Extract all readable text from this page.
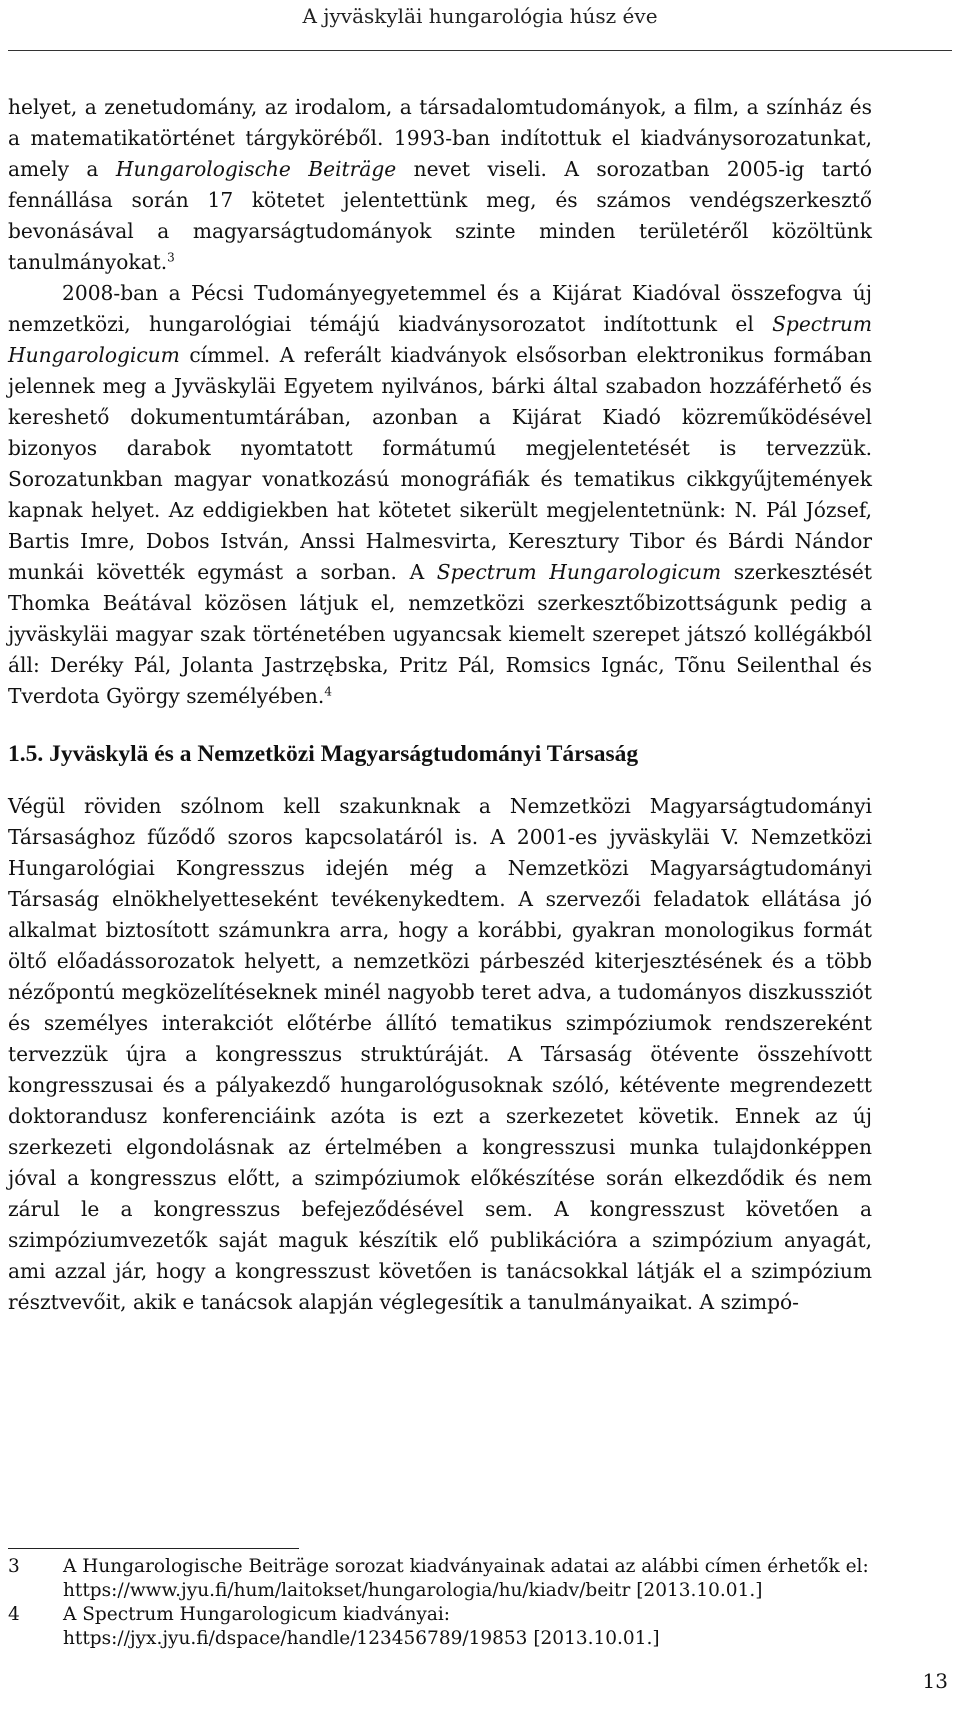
A jyväskyläi hungarológia húsz éve

helyet, a zenetudomány, az irodalom, a társadalomtudományok, a film, a színház és a matematikatörténet tárgyköréből. 1993-ban indítottuk el kiadványsorozatunkat, amely a Hungarologische Beiträge nevet viseli. A sorozatban 2005-ig tartó fennállása során 17 kötetet jelentettünk meg, és számos vendégszerkesztő bevonásával a magyarságtudományok szinte minden területéről közöltünk tanulmányokat.$^3$

2008-ban a Pécsi Tudományegyetemmel és a Kijárat Kiadóval összefogva új nemzetközi, hungarológiai témájú kiadványsorozatot indítottunk el Spectrum Hungarologicum címmel. A referált kiadványok elsősorban elektronikus formában jelennek meg a Jyväskyläi Egyetem nyilvános, bárki által szabadon hozzáférhető és kereshető dokumentumtárában, azonban a Kijárat Kiadó közreműködésével bizonyos darabok nyomtatott formátumú megjelentetését is tervezzük. Sorozatunkban magyar vonatkozású monográfiák és tematikus cikkgyűjtemények kapnak helyet. Az eddigiekben hat kötetet sikerült megjelentetnünk: N. Pál József, Bartis Imre, Dobos István, Anssi Halmesvirta, Keresztury Tibor és Bárdi Nándor munkái követték egymást a sorban. A Spectrum Hungarologicum szerkesztését Thomka Beátával közösen látjuk el, nemzetközi szerkesztőbizottságunk pedig a jyväskyläi magyar szak történetében ugyancsak kiemelt szerepet játszó kollégákból áll: Deréky Pál, Jolanta Jastrzębska, Pritz Pál, Romsics Ignác, Tõnu Seilenthal és Tverdota György személyében.$^4$

1.5. Jyväskylä és a Nemzetközi Magyarságtudományi Társaság

Végül röviden szólnom kell szakunknak a Nemzetközi Magyarságtudományi Társasághoz fűződő szoros kapcsolatáról is. A 2001-es jyväskyläi V. Nemzetközi Hungarológiai Kongresszus idején még a Nemzetközi Magyarságtudományi Társaság elnökhelyetteseként tevékenykedtem. A szervezői feladatok ellátása jó alkalmat biztosított számunkra arra, hogy a korábbi, gyakran monologikus formát öltő előadássorozatok helyett, a nemzetközi párbeszéd kiterjesztésének és a több nézőpontú megközelítéseknek minél nagyobb teret adva, a tudományos diszkussziót és személyes interakciót előtérbe állító tematikus szimpóziumok rendszereként tervezzük újra a kongresszus struktúráját. A Társaság ötévente összehívott kongresszusai és a pályakezdő hungarológusoknak szóló, kétévente megrendezett doktorandusz konferenciáink azóta is ezt a szerkezetet követik. Ennek az új szerkezeti elgondolásnak az értelmében a kongresszusi munka tulajdonképpen jóval a kongresszus előtt, a szimpóziumok előkészítése során elkezdődik és nem zárul le a kongresszus befejeződésével sem. A kongresszust követően a szimpóziumvezetők saját maguk készítik elő publikációra a szimpózium anyagát, ami azzal jár, hogy a kongresszust követően is tanácsokkal látják el a szimpózium résztvevőit, akik e tanácsok alapján véglegesítik a tanulmányaikat. A szimpó-

3	A Hungarologische Beiträge sorozat kiadványainak adatai az alábbi címen érhetők el: https://www.jyu.fi/hum/laitokset/hungarologia/hu/kiadv/beitr [2013.10.01.]
4	A Spectrum Hungarologicum kiadványai: https://jyx.jyu.fi/dspace/handle/123456789/19853 [2013.10.01.]
13
